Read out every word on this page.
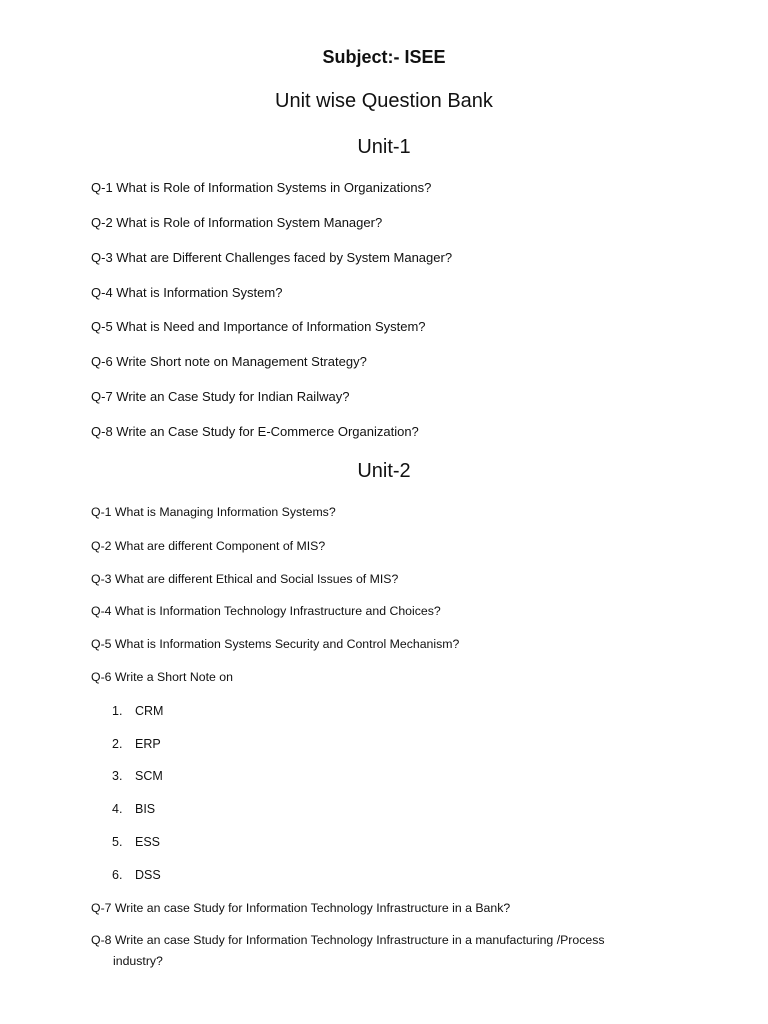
Subject:- ISEE
Unit wise Question Bank
Unit-1
Q-1 What is Role of Information Systems in Organizations?
Q-2 What is Role of Information System Manager?
Q-3 What are Different Challenges faced by System Manager?
Q-4 What is Information System?
Q-5 What is Need and Importance of Information System?
Q-6 Write Short note on Management Strategy?
Q-7 Write an Case Study for Indian Railway?
Q-8 Write an Case Study for E-Commerce Organization?
Unit-2
Q-1 What is Managing Information Systems?
Q-2 What are different Component of MIS?
Q-3 What are different Ethical and Social Issues of MIS?
Q-4 What is Information Technology Infrastructure and Choices?
Q-5 What is Information Systems Security and Control Mechanism?
Q-6 Write a Short Note on
1. CRM
2. ERP
3. SCM
4. BIS
5. ESS
6. DSS
Q-7 Write an case Study for Information Technology Infrastructure in a Bank?
Q-8 Write an case Study for Information Technology Infrastructure in a manufacturing /Process
industry?
